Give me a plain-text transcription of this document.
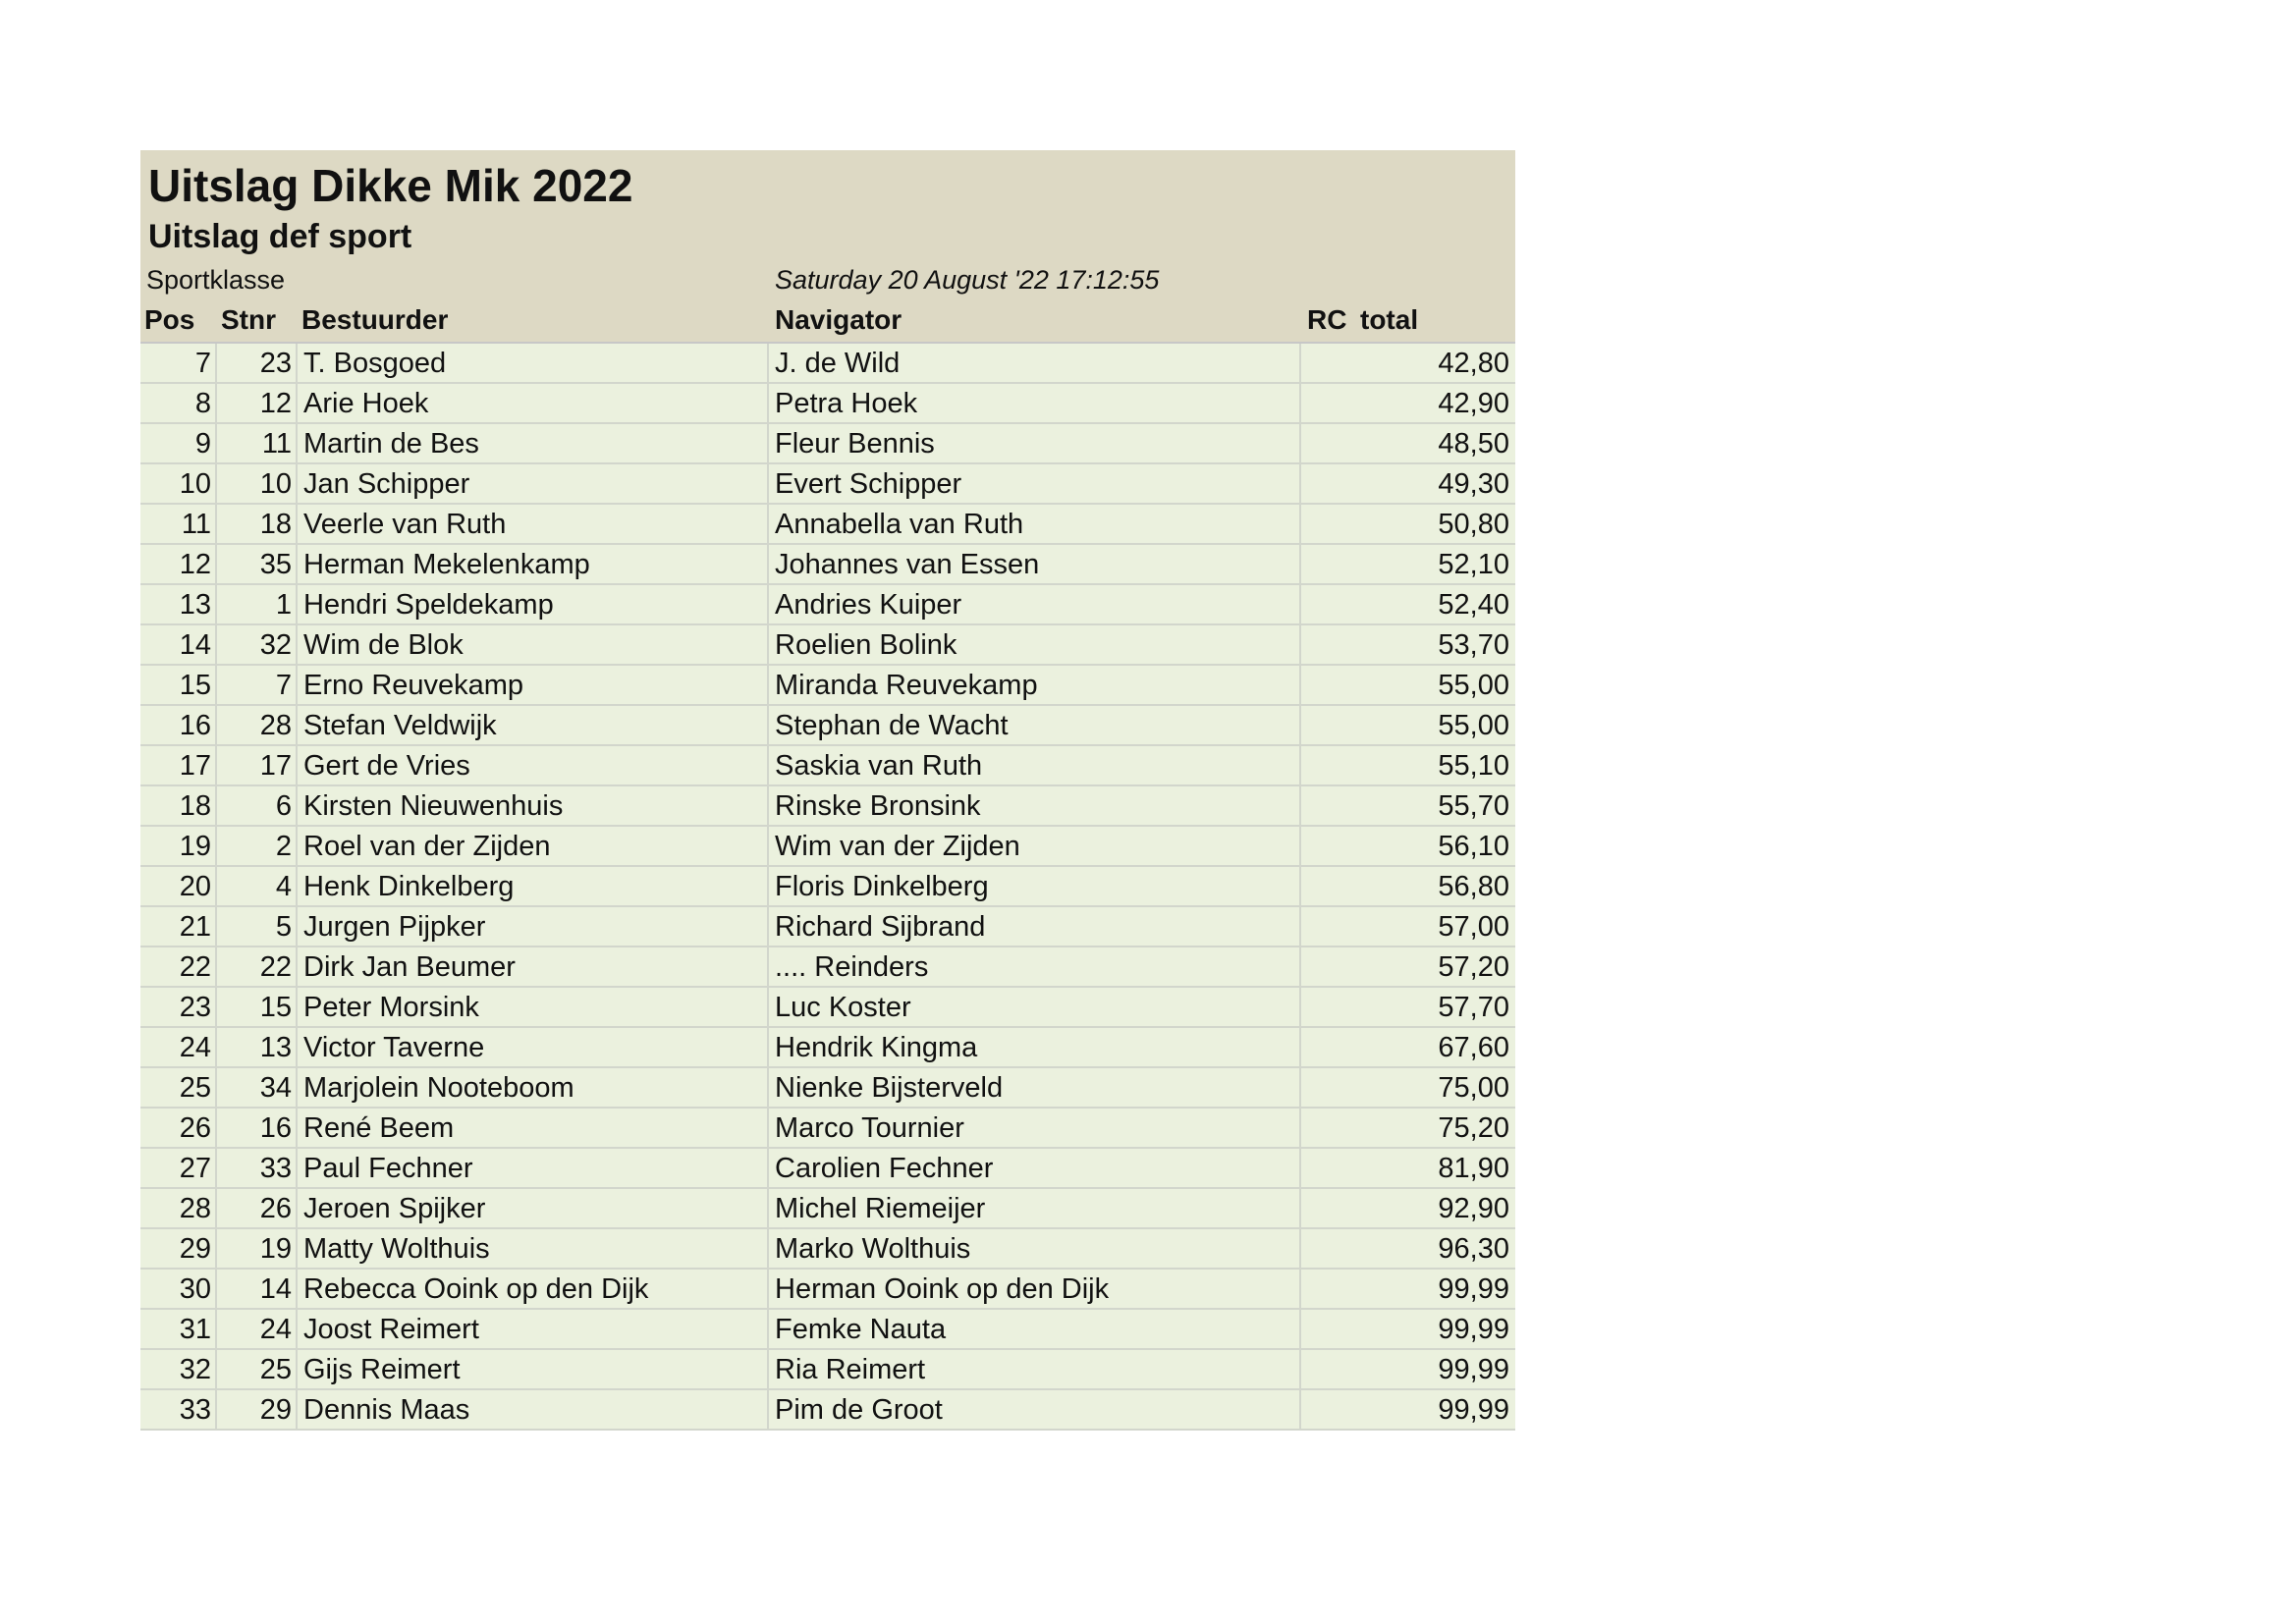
Uitslag Dikke Mik 2022
Uitslag def sport
Sportklasse	Saturday 20 August '22 17:12:55
Pos Stnr Bestuurder	Navigator	RC total
7	23 T. Bosgoed	J. de Wild	42,80
8	12 Arie Hoek	Petra Hoek	42,90
9	11 Martin de Bes	Fleur Bennis	48,50
10	10 Jan Schipper	Evert Schipper	49,30
11	18 Veerle van Ruth	Annabella van Ruth	50,80
12	35 Herman Mekelenkamp	Johannes van Essen	52,10
13	1 Hendri Speldekamp	Andries Kuiper	52,40
14	32 Wim de Blok	Roelien Bolink	53,70
15	7 Erno Reuvekamp	Miranda Reuvekamp	55,00
16	28 Stefan Veldwijk	Stephan de Wacht	55,00
17	17 Gert de Vries	Saskia van Ruth	55,10
18	6 Kirsten Nieuwenhuis	Rinske Bronsink	55,70
19	2 Roel van der Zijden	Wim van der Zijden	56,10
20	4 Henk Dinkelberg	Floris Dinkelberg	56,80
21	5 Jurgen Pijpker	Richard Sijbrand	57,00
22	22 Dirk Jan Beumer	.... Reinders	57,20
23	15 Peter Morsink	Luc Koster	57,70
24	13 Victor Taverne	Hendrik Kingma	67,60
25	34 Marjolein Nooteboom	Nienke Bijsterveld	75,00
26	16 René Beem	Marco Tournier	75,20
27	33 Paul Fechner	Carolien Fechner	81,90
28	26 Jeroen Spijker	Michel Riemeijer	92,90
29	19 Matty Wolthuis	Marko Wolthuis	96,30
30	14 Rebecca Ooink op den Dijk	Herman Ooink op den Dijk	99,99
31	24 Joost Reimert	Femke Nauta	99,99
32	25 Gijs Reimert	Ria Reimert	99,99
33	29 Dennis Maas	Pim de Groot	99,99
